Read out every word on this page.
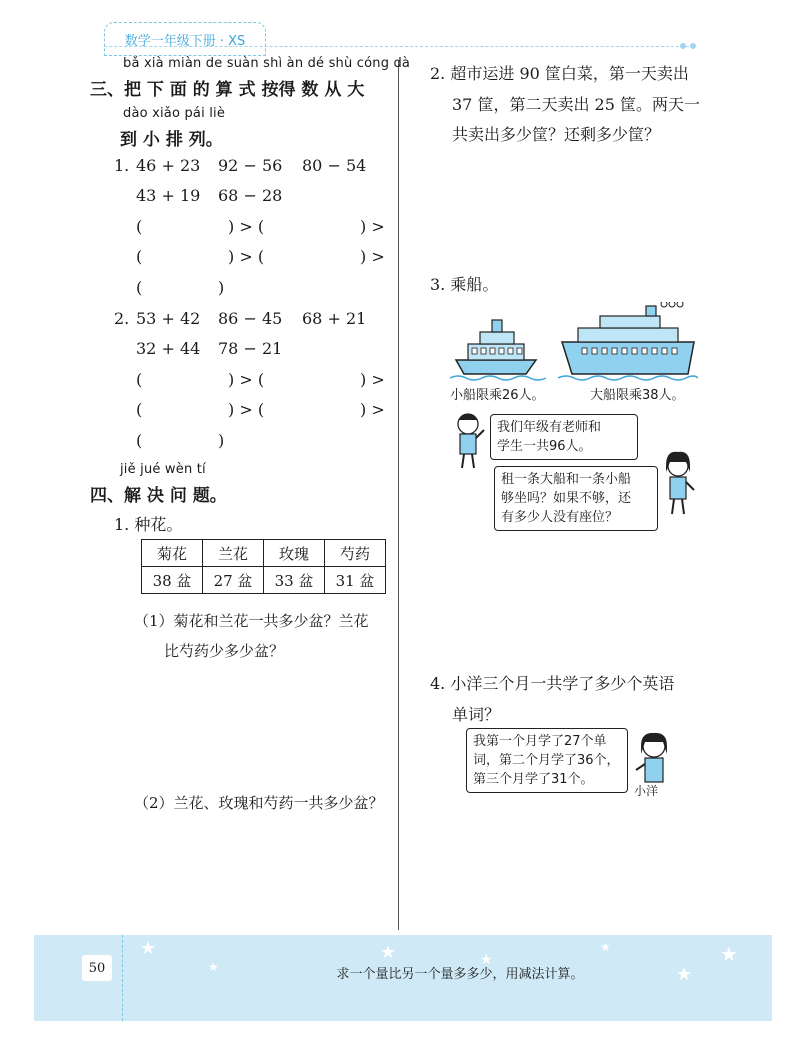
数学一年级下册 · XS
bǎ xià miàn de suàn shì àn dé shù cóng dà
三、把 下 面 的 算 式 按得 数 从 大
dào xiǎo pái liè
到 小 排 列。
1. 46 + 23 92 − 56 80 − 54
43 + 19 68 − 28
(	) > (	) >
(	) > (	) >
(	)
2. 53 + 42 86 − 45 68 + 21
32 + 44 78 − 21
(	) > (	) >
(	) > (	) >
(	)
jiě jué wèn tí
四、解 决 问 题。
1. 种花。
菊花	兰花	玫瑰	芍药
38 盆	27 盆	33 盆	31 盆
（1）菊花和兰花一共多少盆？兰花
比芍药少多少盆？
（2）兰花、玫瑰和芍药一共多少盆？
2. 超市运进 90 筐白菜，第一天卖出
37 筐，第二天卖出 25 筐。两天一
共卖出多少筐？还剩多少筐？
3. 乘船。
小船限乘26人。	大船限乘38人。
我们年级有老师和
学生一共96人。
租一条大船和一条小船
够坐吗？如果不够，还
有多少人没有座位？
4. 小洋三个月一共学了多少个英语
单词？
我第一个月学了27个单
词，第二个月学了36个，
第三个月学了31个。
小洋
50	求一个量比另一个量多多少，用减法计算。
★
★
★	★
★
★
★
